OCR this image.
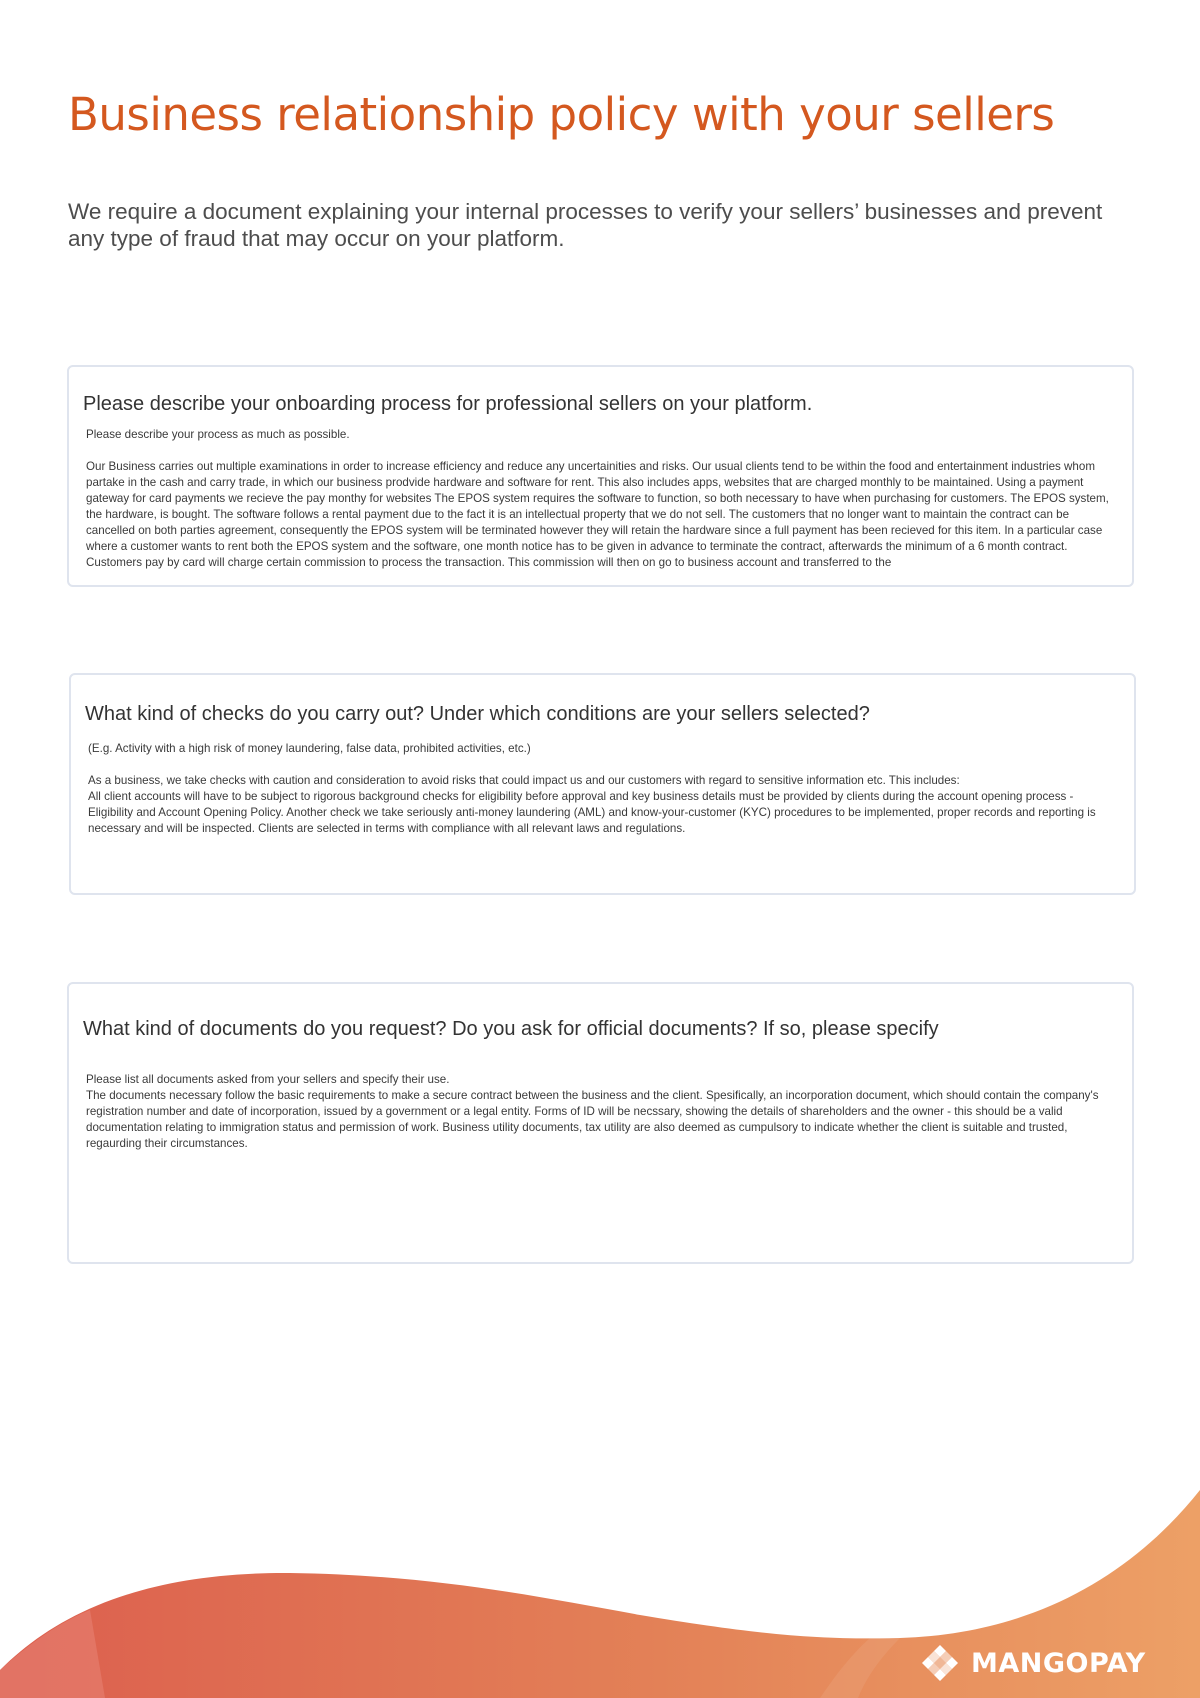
Business relationship policy with your sellers

We require a document explaining your internal processes to verify your sellers’ businesses and prevent any type of fraud that may occur on your platform.

Please describe your onboarding process for professional sellers on your platform.

Please describe your process as much as possible.

Our Business carries out multiple examinations in order to increase efficiency and reduce any uncertainities and risks. Our usual clients tend to be within the food and entertainment industries whom partake in the cash and carry trade, in which our business prodvide hardware and software for rent. This also includes apps, websites that are charged monthly to be maintained. Using a payment gateway for card payments we recieve the pay monthy for websites The EPOS system requires the software to function, so both necessary to have when purchasing for customers. The EPOS system, the hardware, is bought. The software follows a rental payment due to the fact it is an intellectual property that we do not sell. The customers that no longer want to maintain the contract can be cancelled on both parties agreement, consequently the EPOS system will be terminated however they will retain the hardware since a full payment has been recieved for this item. In a particular case where a customer wants to rent both the EPOS system and the software, one month notice has to be given in advance to terminate the contract, afterwards the minimum of a 6 month contract. Customers pay by card will charge certain commission to process the transaction. This commission will then on go to business account and transferred to the

What kind of checks do you carry out? Under which conditions are your sellers selected?

(E.g. Activity with a high risk of money laundering, false data, prohibited activities, etc.)

As a business, we take checks with caution and consideration to avoid risks that could impact us and our customers with regard to sensitive information etc. This includes:

All client accounts will have to be subject to rigorous background checks for eligibility before approval and key business details must be provided by clients during the account opening process - Eligibility and Account Opening Policy. Another check we take seriously anti-money laundering (AML) and know-your-customer (KYC) procedures to be implemented, proper records and reporting is necessary and will be inspected. Clients are selected in terms with compliance with all relevant laws and regulations.

What kind of documents do you request? Do you ask for official documents? If so, please specify

Please list all documents asked from your sellers and specify their use.

The documents necessary follow the basic requirements to make a secure contract between the business and the client. Spesifically, an incorporation document, which should contain the company's registration number and date of incorporation, issued by a government or a legal entity. Forms of ID will be necssary, showing the details of shareholders and the owner - this should be a valid documentation relating to immigration status and permission of work. Business utility documents, tax utility are also deemed as cumpulsory to indicate whether the client is suitable and trusted, regaurding their circumstances.

MANGOPAY
